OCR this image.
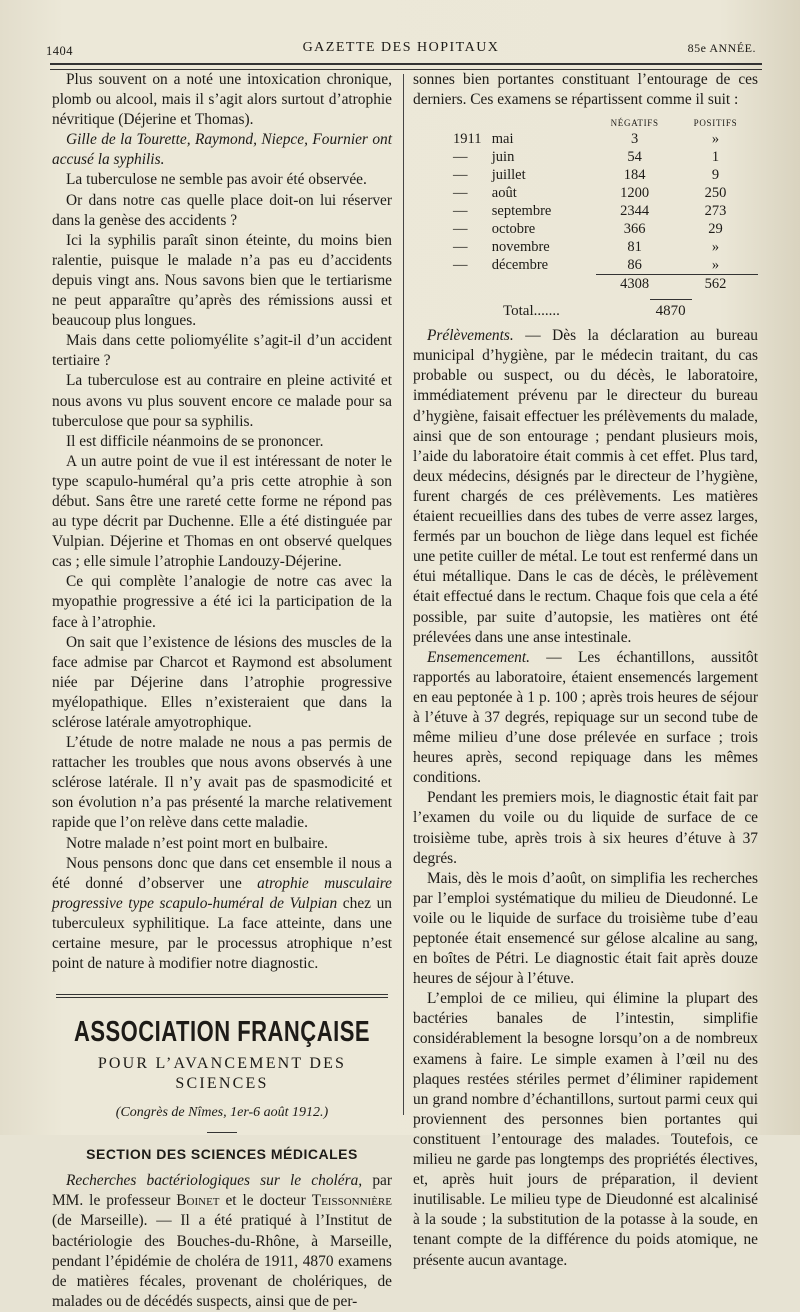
1404	GAZETTE DES HOPITAUX	85e ANNÉE.

Plus souvent on a noté une intoxication chronique, plomb ou alcool, mais il s’agit alors surtout d’atrophie névritique (Déjerine et Thomas).

Gille de la Tourette, Raymond, Niepce, Fournier ont accusé la syphilis.

La tuberculose ne semble pas avoir été observée.

Or dans notre cas quelle place doit-on lui réserver dans la genèse des accidents ?

Ici la syphilis paraît sinon éteinte, du moins bien ralentie, puisque le malade n’a pas eu d’accidents depuis vingt ans. Nous savons bien que le tertiarisme ne peut apparaître qu’après des rémissions aussi et beaucoup plus longues.

Mais dans cette poliomyélite s’agit-il d’un accident tertiaire ?

La tuberculose est au contraire en pleine activité et nous avons vu plus souvent encore ce malade pour sa tuberculose que pour sa syphilis.

Il est difficile néanmoins de se prononcer.

A un autre point de vue il est intéressant de noter le type scapulo-huméral qu’a pris cette atrophie à son début. Sans être une rareté cette forme ne répond pas au type décrit par Duchenne. Elle a été distinguée par Vulpian. Déjerine et Thomas en ont observé quelques cas ; elle simule l’atrophie Landouzy-Déjerine.

Ce qui complète l’analogie de notre cas avec la myopathie progressive a été ici la participation de la face à l’atrophie.

On sait que l’existence de lésions des muscles de la face admise par Charcot et Raymond est absolument niée par Déjerine dans l’atrophie progressive myélopathique. Elles n’existeraient que dans la sclérose latérale amyotrophique.

L’étude de notre malade ne nous a pas permis de rattacher les troubles que nous avons observés à une sclérose latérale. Il n’y avait pas de spasmodicité et son évolution n’a pas présenté la marche relativement rapide que l’on relève dans cette maladie.

Notre malade n’est point mort en bulbaire.

Nous pensons donc que dans cet ensemble il nous a été donné d’observer une atrophie musculaire progressive type scapulo-huméral de Vulpian chez un tuberculeux syphilitique. La face atteinte, dans une certaine mesure, par le processus atrophique n’est point de nature à modifier notre diagnostic.

ASSOCIATION FRANÇAISE
POUR L’AVANCEMENT DES SCIENCES
(Congrès de Nîmes, 1er-6 août 1912.)
SECTION DES SCIENCES MÉDICALES

Recherches bactériologiques sur le choléra, par MM. le professeur Boinet et le docteur Teissonnière (de Marseille). — Il a été pratiqué à l’Institut de bactériologie des Bouches-du-Rhône, à Marseille, pendant l’épidémie de choléra de 1911, 4870 examens de matières fécales, provenant de cholériques, de malades ou de décédés suspects, ainsi que de per-

sonnes bien portantes constituant l’entourage de ces derniers. Ces examens se répartissent comme il suit :

		NÉGATIFS	POSITIFS
1911	mai	3	»
—	juin	54	1
—	juillet	184	9
—	août	1200	250
—	septembre	2344	273
—	octobre	366	29
—	novembre	81	»
—	décembre	86	»
		4308	562
Total.......	4870

Prélèvements. — Dès la déclaration au bureau municipal d’hygiène, par le médecin traitant, du cas probable ou suspect, ou du décès, le laboratoire, immédiatement prévenu par le directeur du bureau d’hygiène, faisait effectuer les prélèvements du malade, ainsi que de son entourage ; pendant plusieurs mois, l’aide du laboratoire était commis à cet effet. Plus tard, deux médecins, désignés par le directeur de l’hygiène, furent chargés de ces prélèvements. Les matières étaient recueillies dans des tubes de verre assez larges, fermés par un bouchon de liège dans lequel est fichée une petite cuiller de métal. Le tout est renfermé dans un étui métallique. Dans le cas de décès, le prélèvement était effectué dans le rectum. Chaque fois que cela a été possible, par suite d’autopsie, les matières ont été prélevées dans une anse intestinale.

Ensemencement. — Les échantillons, aussitôt rapportés au laboratoire, étaient ensemencés largement en eau peptonée à 1 p. 100 ; après trois heures de séjour à l’étuve à 37 degrés, repiquage sur un second tube de même milieu d’une dose prélevée en surface ; trois heures après, second repiquage dans les mêmes conditions.

Pendant les premiers mois, le diagnostic était fait par l’examen du voile ou du liquide de surface de ce troisième tube, après trois à six heures d’étuve à 37 degrés.

Mais, dès le mois d’août, on simplifia les recherches par l’emploi systématique du milieu de Dieudonné. Le voile ou le liquide de surface du troisième tube d’eau peptonée était ensemencé sur gélose alcaline au sang, en boîtes de Pétri. Le diagnostic était fait après douze heures de séjour à l’étuve.

L’emploi de ce milieu, qui élimine la plupart des bactéries banales de l’intestin, simplifie considérablement la besogne lorsqu’on a de nombreux examens à faire. Le simple examen à l’œil nu des plaques restées stériles permet d’éliminer rapidement un grand nombre d’échantillons, surtout parmi ceux qui proviennent des personnes bien portantes qui constituent l’entourage des malades. Toutefois, ce milieu ne garde pas longtemps des propriétés électives, et, après huit jours de préparation, il devient inutilisable. Le milieu type de Dieudonné est alcalinisé à la soude ; la substitution de la potasse à la soude, en tenant compte de la différence du poids atomique, ne présente aucun avantage.
